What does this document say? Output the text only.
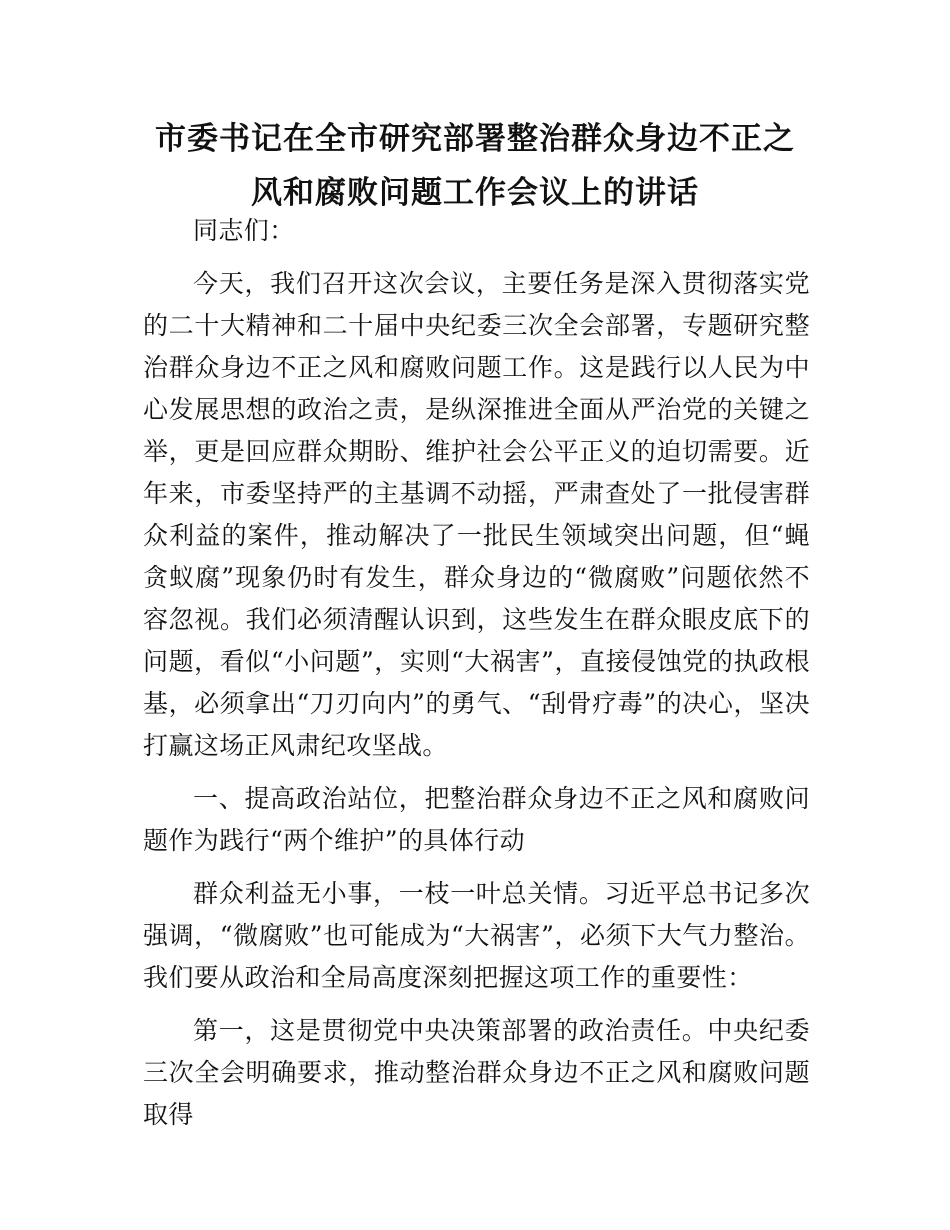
市委书记在全市研究部署整治群众身边不正之
风和腐败问题工作会议上的讲话

同志们：

今天，我们召开这次会议，主要任务是深入贯彻落实党的二十大精神和二十届中央纪委三次全会部署，专题研究整治群众身边不正之风和腐败问题工作。这是践行以人民为中心发展思想的政治之责，是纵深推进全面从严治党的关键之举，更是回应群众期盼、维护社会公平正义的迫切需要。近年来，市委坚持严的主基调不动摇，严肃查处了一批侵害群众利益的案件，推动解决了一批民生领域突出问题，但“蝇贪蚁腐”现象仍时有发生，群众身边的“微腐败”问题依然不容忽视。我们必须清醒认识到，这些发生在群众眼皮底下的问题，看似“小问题”，实则“大祸害”，直接侵蚀党的执政根基，必须拿出“刀刃向内”的勇气、“刮骨疗毒”的决心，坚决打赢这场正风肃纪攻坚战。

一、提高政治站位，把整治群众身边不正之风和腐败问题作为践行“两个维护”的具体行动

群众利益无小事，一枝一叶总关情。习近平总书记多次强调，“微腐败”也可能成为“大祸害”，必须下大气力整治。我们要从政治和全局高度深刻把握这项工作的重要性：

第一，这是贯彻党中央决策部署的政治责任。中央纪委三次全会明确要求，推动整治群众身边不正之风和腐败问题取得
